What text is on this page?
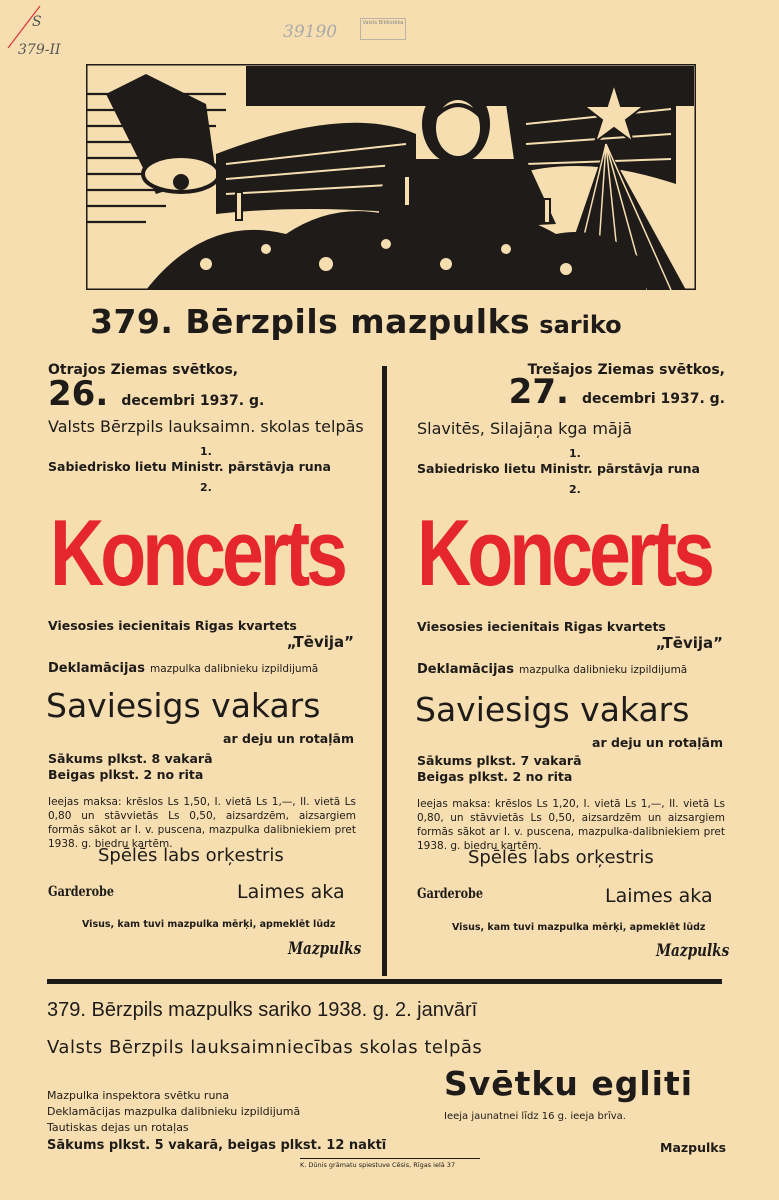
S
379-II
39190	Valsts Bibliotēka
379. Bērzpils mazpulks sariko
Otrajos Ziemas svētkos,
26. decembri 1937. g.
Valsts Bērzpils lauksaimn. skolas telpās
1.
Sabiedrisko lietu Ministr. pārstāvja runa
2.
Koncerts
Viesosies iecienitais Rigas kvartets
„Tēvija”
Deklamācijas mazpulka dalibnieku izpildijumā
Saviesigs vakars
ar deju un rotaļām
Sākums plkst. 8 vakarā
Beigas plkst. 2 no rita
Ieejas maksa: krēslos Ls 1,50, I. vietā Ls 1,—, II. vietā Ls 0,80 un stāvvietās Ls 0,50, aizsardzēm, aizsargiem formās sākot ar I. v. puscena, mazpulka dalibniekiem pret 1938. g. biedru kartēm.
Spēlēs labs orķestris
Garderobe	Laimes aka
Visus, kam tuvi mazpulka mērķi, apmeklēt lūdz
Mazpulks
Trešajos Ziemas svētkos,
27. decembri 1937. g.
Slavitēs, Silajāņa kga mājā
1.
Sabiedrisko lietu Ministr. pārstāvja runa
2.
Koncerts
Viesosies iecienitais Rigas kvartets
„Tēvija”
Deklamācijas mazpulka dalibnieku izpildijumā
Saviesigs vakars
ar deju un rotaļām
Sākums plkst. 7 vakarā
Beigas plkst. 2 no rita
Ieejas maksa: krēslos Ls 1,20, I. vietā Ls 1,—, II. vietā Ls 0,80, un stāvvietās Ls 0,50, aizsardzēm un aizsargiem formās sākot ar I. v. puscena, mazpulka-dalibniekiem pret 1938. g. biedru kartēm.
Spēlēs labs orķestris
Garderobe	Laimes aka
Visus, kam tuvi mazpulka mērķi, apmeklēt lūdz
Mazpulks
379. Bērzpils mazpulks sariko 1938. g. 2. janvārī
Valsts Bērzpils lauksaimniecības skolas telpās
Mazpulka inspektora svētku runa
Deklamācijas mazpulka dalibnieku izpildijumā
Tautiskas dejas un rotaļas
Sākums plkst. 5 vakarā, beigas plkst. 12 naktī
Svētku egliti
Ieeja jaunatnei līdz 16 g. ieeja brīva.
Mazpulks
K. Dūnis grāmatu spiestuve Cēsis, Rīgas ielā 37
